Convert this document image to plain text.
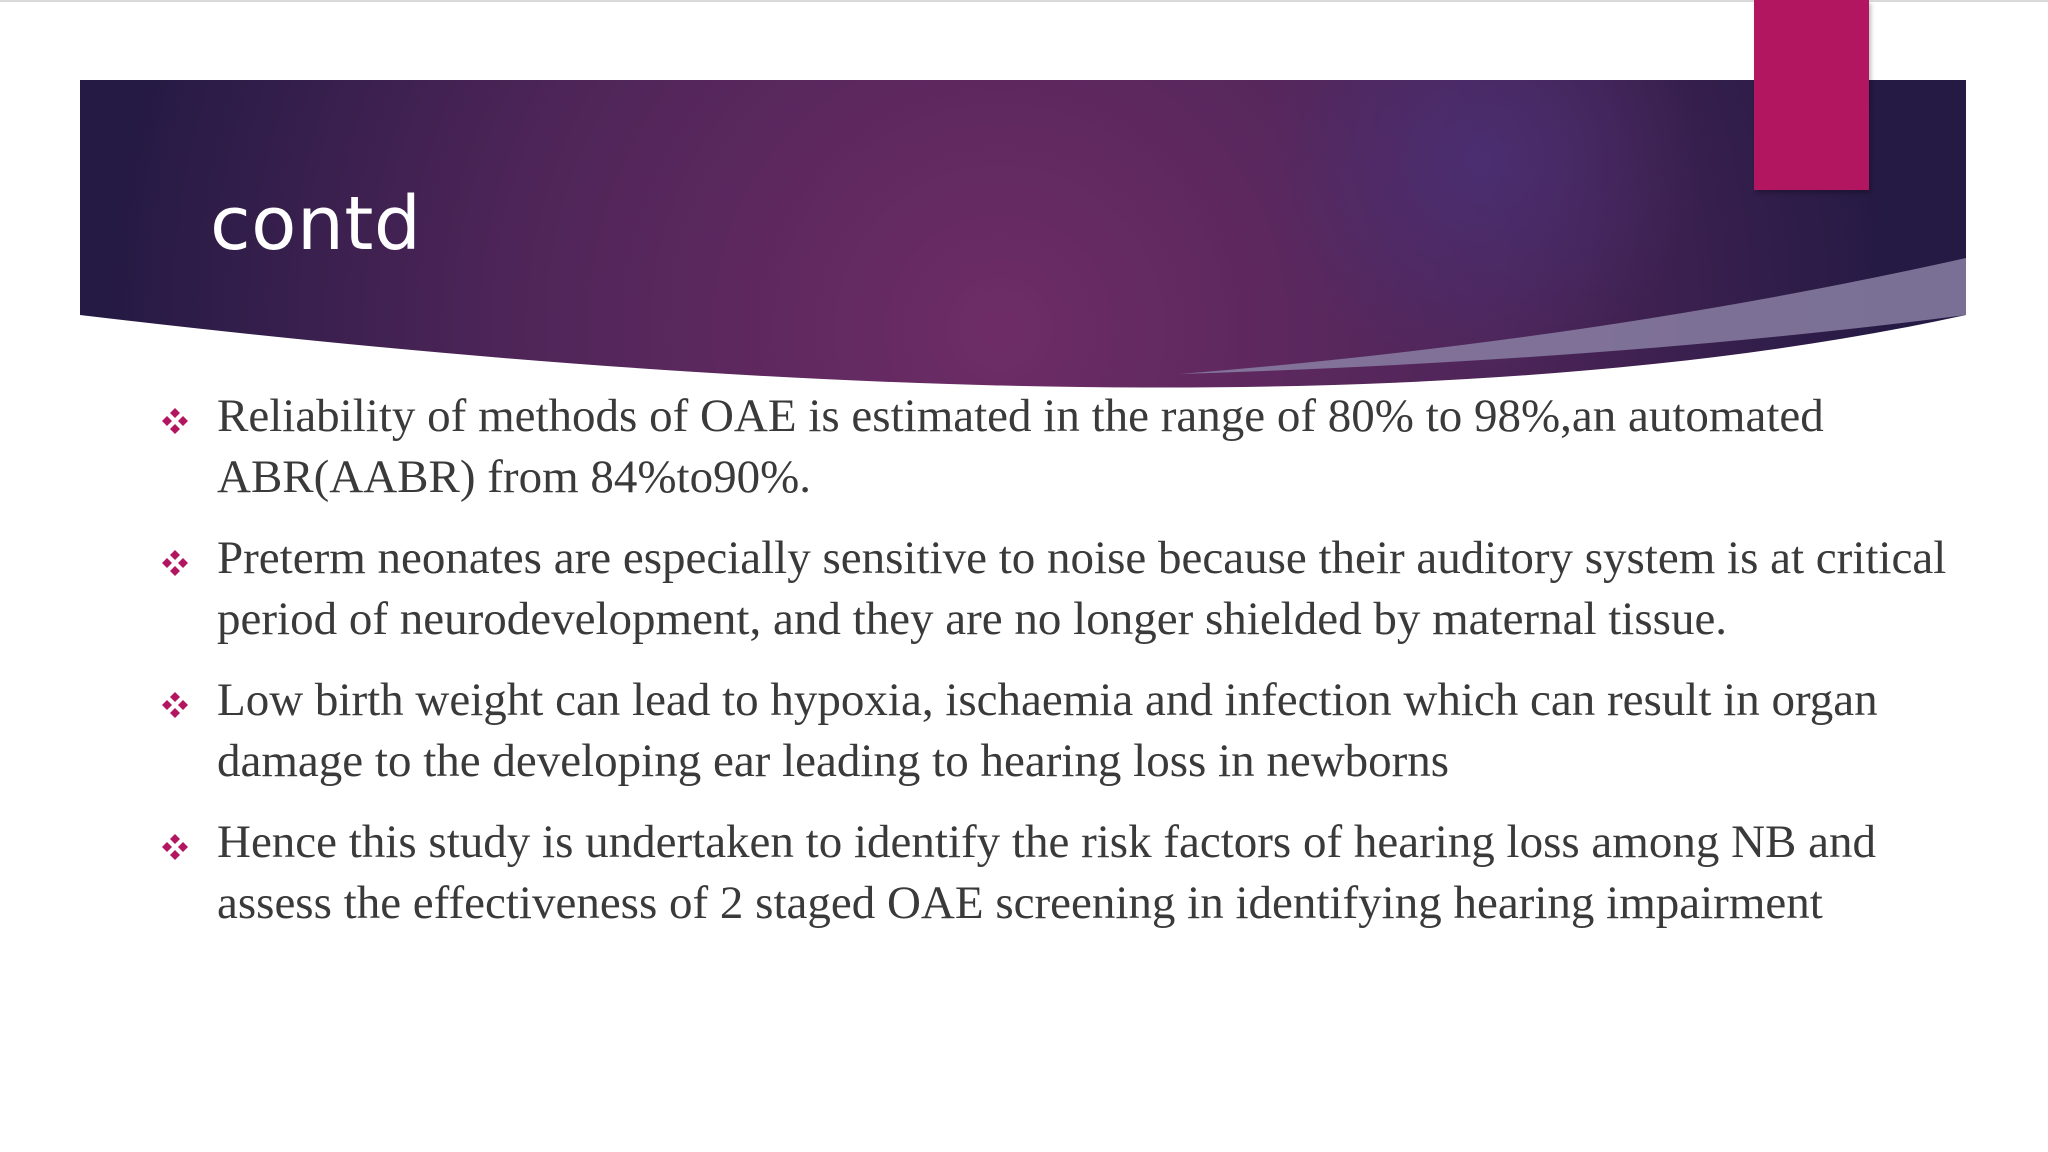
contd
Reliability of methods of OAE is estimated in the range of 80% to 98%,an automated ABR(AABR) from 84%to90%.
Preterm neonates are especially sensitive to noise because their auditory system is at critical period of neurodevelopment, and they are no longer shielded by maternal tissue.
Low birth weight can lead to hypoxia, ischaemia and infection which can result in organ damage to the developing ear leading to hearing loss in newborns
Hence this study is undertaken to identify the risk factors of hearing loss among NB and assess the effectiveness of 2 staged OAE screening in identifying hearing impairment
